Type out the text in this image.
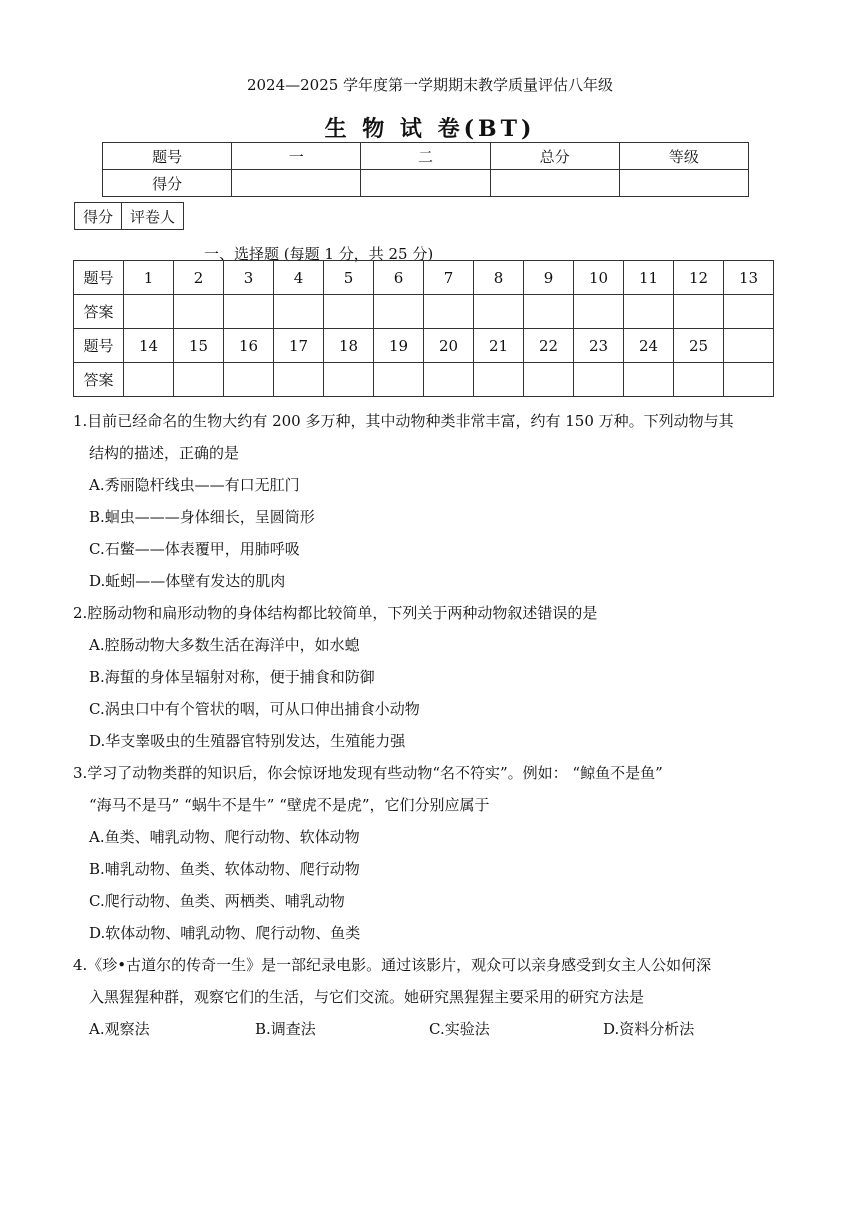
2024—2025 学年度第一学期期末教学质量评估八年级
生 物 试 卷(BT)
题号	一	二	总分	等级
得分				
得分	评卷人
一、选择题 (每题 1 分，共 25 分)
题号	1	2	3	4	5	6	7	8	9	10	11	12	13
答案													
题号	14	15	16	17	18	19	20	21	22	23	24	25	
答案													
1.目前已经命名的生物大约有 200 多万种，其中动物种类非常丰富，约有 150 万种。下列动物与其
结构的描述，正确的是
A.秀丽隐杆线虫——有口无肛门
B.蛔虫———身体细长，呈圆筒形
C.石鳖——体表覆甲，用肺呼吸
D.蚯蚓——体壁有发达的肌肉
2.腔肠动物和扁形动物的身体结构都比较简单，下列关于两种动物叙述错误的是
A.腔肠动物大多数生活在海洋中，如水螅
B.海蜇的身体呈辐射对称，便于捕食和防御
C.涡虫口中有个管状的咽，可从口伸出捕食小动物
D.华支睾吸虫的生殖器官特别发达，生殖能力强
3.学习了动物类群的知识后，你会惊讶地发现有些动物“名不符实”。例如： “鲸鱼不是鱼”
“海马不是马” “蜗牛不是牛” “壁虎不是虎”，它们分别应属于
A.鱼类、哺乳动物、爬行动物、软体动物
B.哺乳动物、鱼类、软体动物、爬行动物
C.爬行动物、鱼类、两栖类、哺乳动物
D.软体动物、哺乳动物、爬行动物、鱼类
4.《珍•古道尔的传奇一生》是一部纪录电影。通过该影片，观众可以亲身感受到女主人公如何深
入黑猩猩种群，观察它们的生活，与它们交流。她研究黑猩猩主要采用的研究方法是
A.观察法	B.调查法	C.实验法	D.资料分析法
